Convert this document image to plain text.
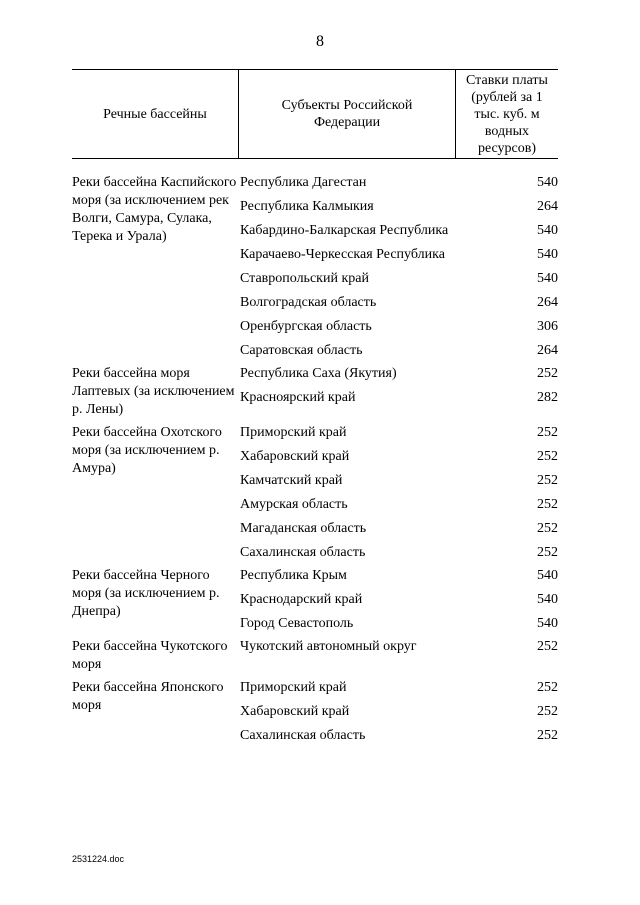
8
Речные бассейны
Субъекты Российской Федерации
Ставки платы (рублей за 1 тыс. куб. м водных ресурсов)
Реки бассейна Каспийского моря (за исключением рек Волги, Самура, Сулака, Терека и Урала)
Республика Дагестан	540
Республика Калмыкия	264
Кабардино-Балкарская Республика	540
Карачаево-Черкесская Республика	540
Ставропольский край	540
Волгоградская область	264
Оренбургская область	306
Саратовская область	264
Реки бассейна моря Лаптевых (за исключением р. Лены)
Республика Саха (Якутия)	252
Красноярский край	282
Реки бассейна Охотского моря (за исключением р. Амура)
Приморский край	252
Хабаровский край	252
Камчатский край	252
Амурская область	252
Магаданская область	252
Сахалинская область	252
Реки бассейна Черного моря (за исключением р. Днепра)
Республика Крым	540
Краснодарский край	540
Город Севастополь	540
Реки бассейна Чукотского моря
Чукотский автономный округ	252
Реки бассейна Японского моря
Приморский край	252
Хабаровский край	252
Сахалинская область	252
2531224.doc
